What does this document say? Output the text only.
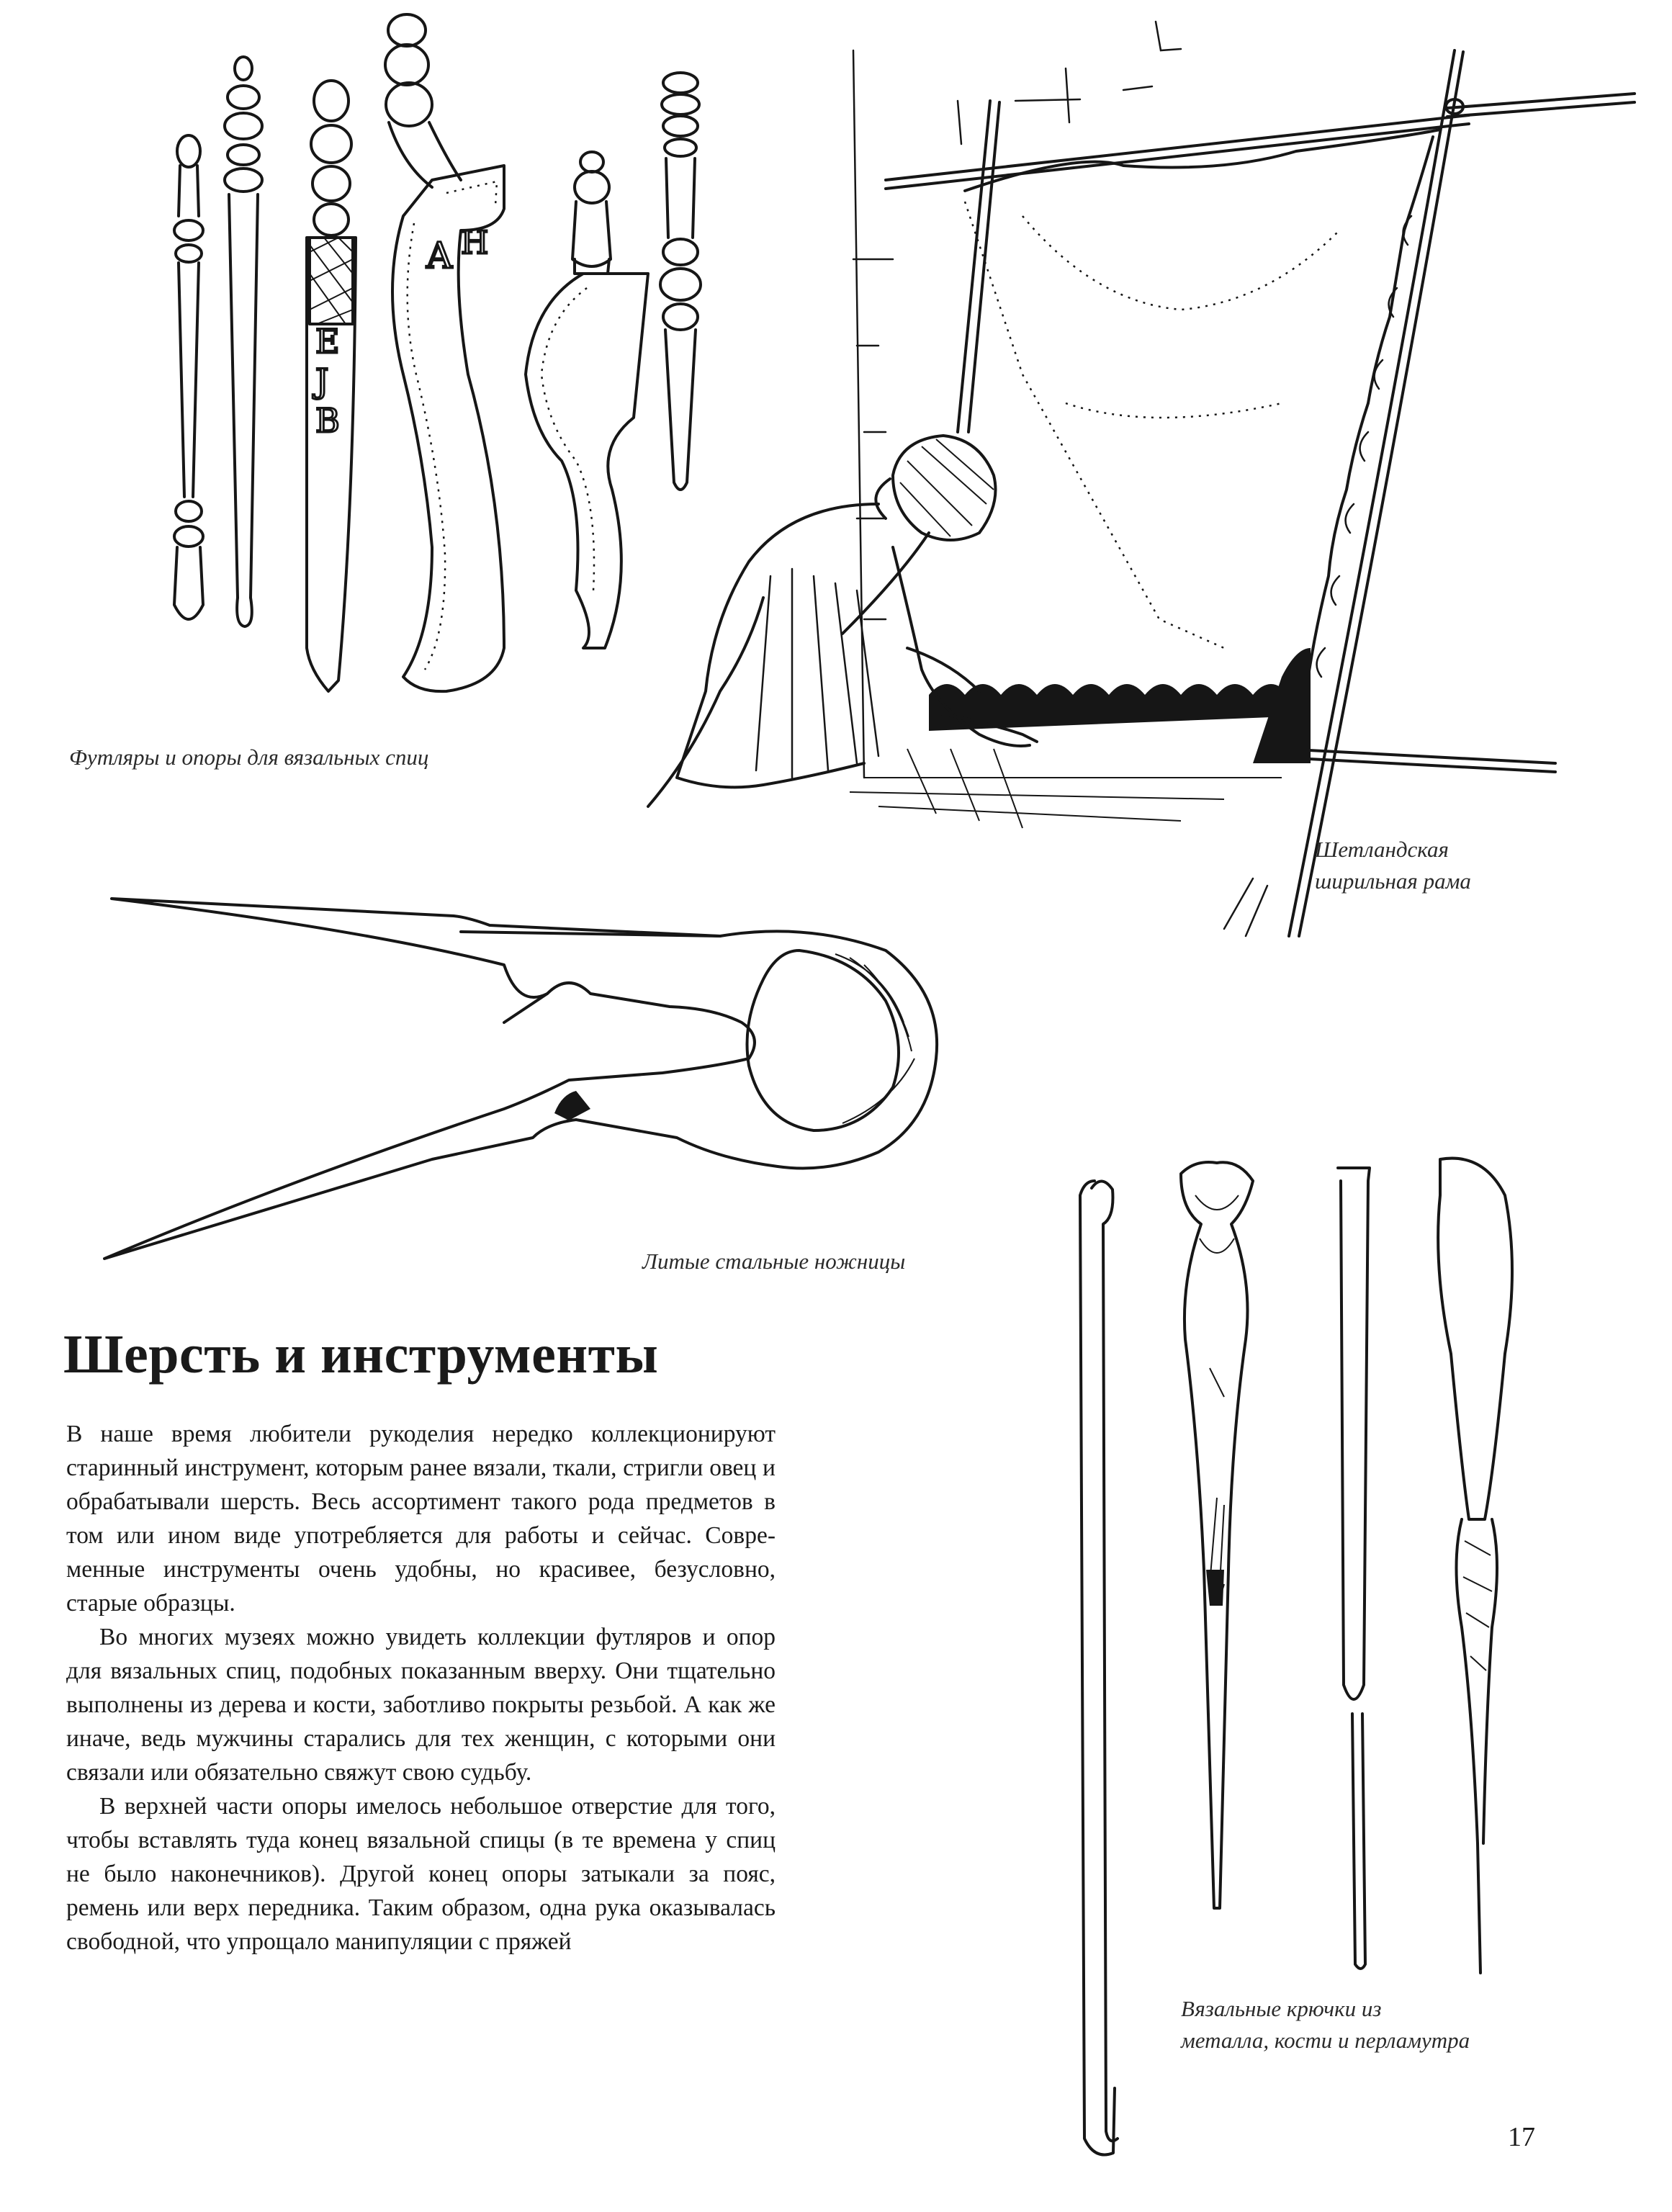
E
J
B
A H
Футляры и опоры для вязальных спиц
Шетландская
ширильная рама
Литые стальные ножницы
Вязальные крючки из
металла, кости и перламутра
Шерсть и инструменты

В наше время любители рукоделия нередко коллекционируют старинный инструмент, которым ранее вязали, ткали, стригли овец и обрабатывали шерсть. Весь ассортимент такого рода предметов в том или ином виде употребляется для работы и сейчас. Современные инструменты очень удобны, но красивее, безусловно, старые образцы.

Во многих музеях можно увидеть коллекции футляров и опор для вязальных спиц, подобных показанным вверху. Они тщательно выполнены из дерева и кости, заботливо покрыты резьбой. А как же иначе, ведь мужчины старались для тех женщин, с которыми они связали или обязательно свяжут свою судьбу.

В верхней части опоры имелось небольшое отверстие для того, чтобы вставлять туда конец вязальной спицы (в те времена у спиц не было наконечников). Другой конец опоры затыкали за пояс, ремень или верх передника. Таким образом, одна рука оказывалась свободной, что упрощало манипуляции с пряжей

17
